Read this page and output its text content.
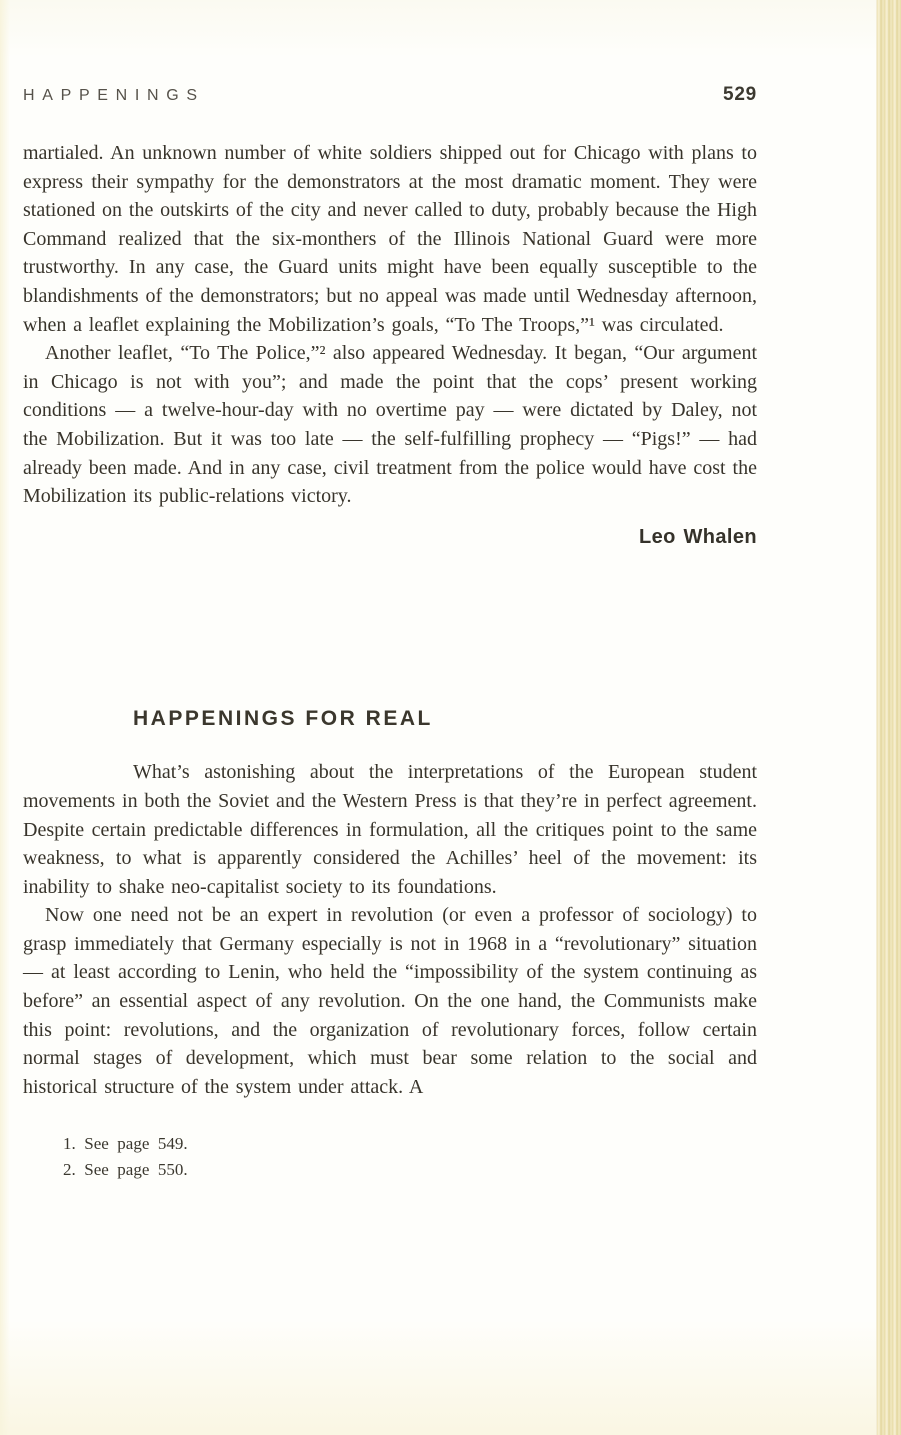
HAPPENINGS	529

martialed. An unknown number of white soldiers shipped out for Chicago with plans to express their sympathy for the demonstrators at the most dramatic moment. They were stationed on the outskirts of the city and never called to duty, probably because the High Command realized that the six-monthers of the Illinois National Guard were more trustworthy. In any case, the Guard units might have been equally susceptible to the blandishments of the demonstrators; but no appeal was made until Wednesday afternoon, when a leaflet explaining the Mobilization’s goals, “To The Troops,”¹ was circulated.

Another leaflet, “To The Police,”² also appeared Wednesday. It began, “Our argument in Chicago is not with you”; and made the point that the cops’ present working conditions — a twelve-hour-day with no overtime pay — were dictated by Daley, not the Mobilization. But it was too late — the self-fulfilling prophecy — “Pigs!” — had already been made. And in any case, civil treatment from the police would have cost the Mobilization its public-relations victory.

Leo Whalen
HAPPENINGS FOR REAL

What’s astonishing about the interpretations of the European student movements in both the Soviet and the Western Press is that they’re in perfect agreement. Despite certain predictable differences in formulation, all the critiques point to the same weakness, to what is apparently considered the Achilles’ heel of the movement: its inability to shake neo-capitalist society to its foundations.

Now one need not be an expert in revolution (or even a professor of sociology) to grasp immediately that Germany especially is not in 1968 in a “revolutionary” situation — at least according to Lenin, who held the “impossibility of the system continuing as before” an essential aspect of any revolution. On the one hand, the Communists make this point: revolutions, and the organization of revolutionary forces, follow certain normal stages of development, which must bear some relation to the social and historical structure of the system under attack. A

1. See page 549.
2. See page 550.
